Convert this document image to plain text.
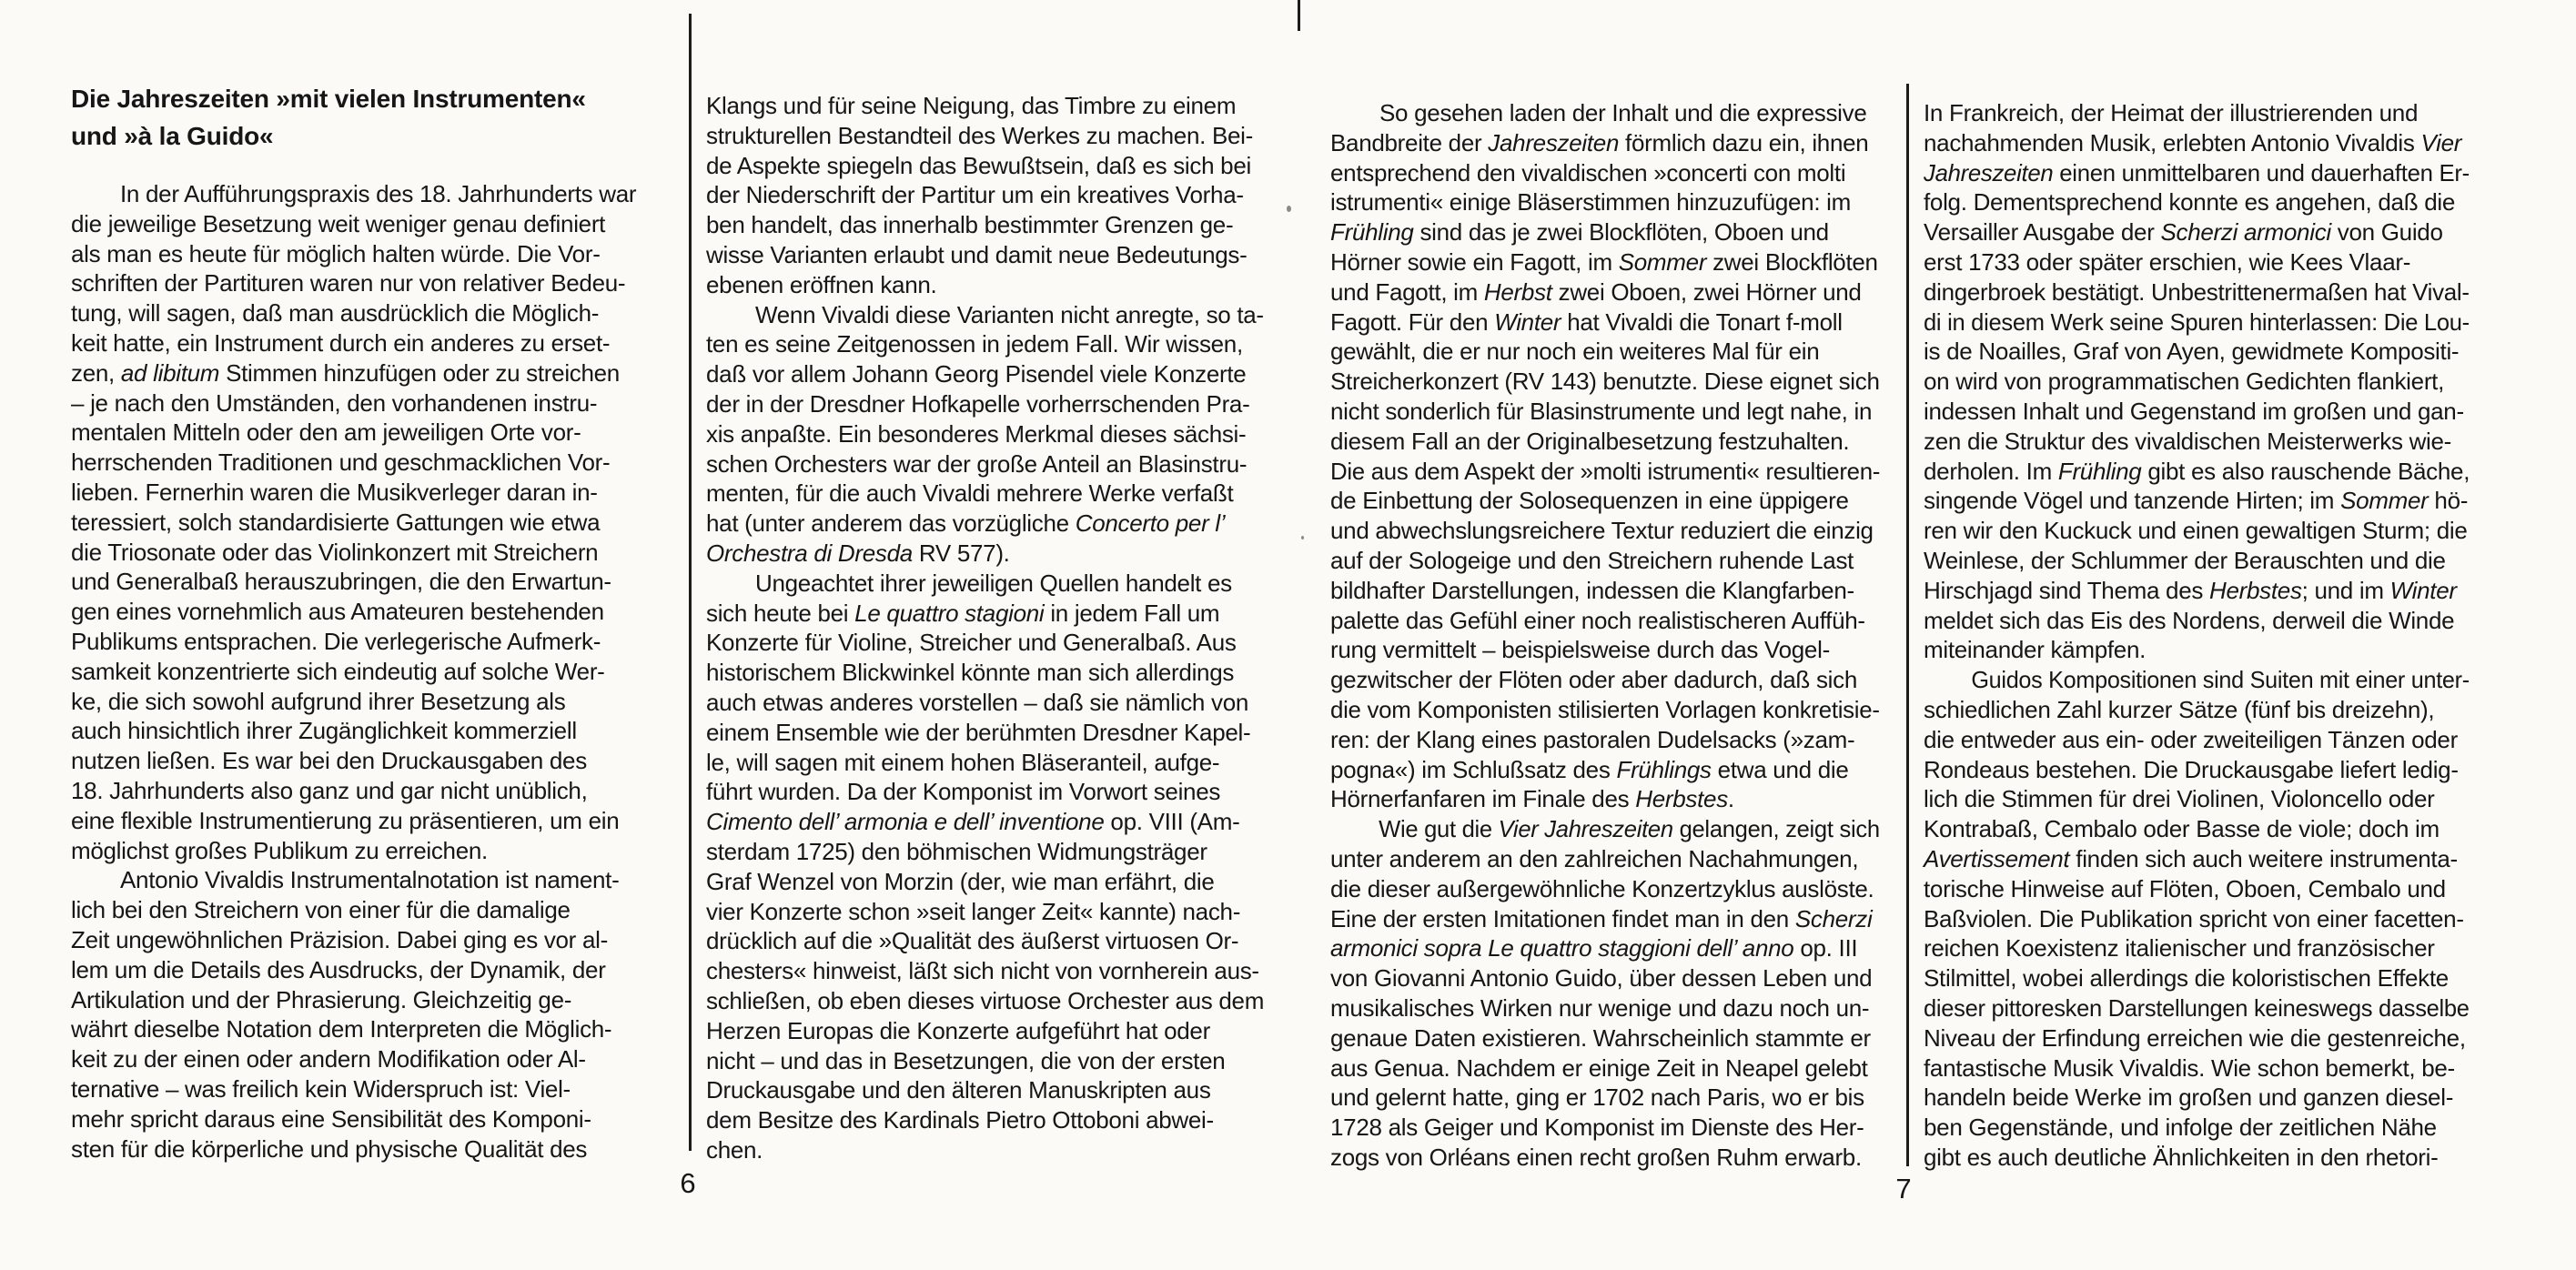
Die Jahreszeiten »mit vielen Instrumenten«
und »à la Guido«
In der Aufführungspraxis des 18. Jahrhunderts war
die jeweilige Besetzung weit weniger genau definiert
als man es heute für möglich halten würde. Die Vor-
schriften der Partituren waren nur von relativer Bedeu-
tung, will sagen, daß man ausdrücklich die Möglich-
keit hatte, ein Instrument durch ein anderes zu erset-
zen, ad libitum Stimmen hinzufügen oder zu streichen
– je nach den Umständen, den vorhandenen instru-
mentalen Mitteln oder den am jeweiligen Orte vor-
herrschenden Traditionen und geschmacklichen Vor-
lieben. Fernerhin waren die Musikverleger daran in-
teressiert, solch standardisierte Gattungen wie etwa
die Triosonate oder das Violinkonzert mit Streichern
und Generalbaß herauszubringen, die den Erwartun-
gen eines vornehmlich aus Amateuren bestehenden
Publikums entsprachen. Die verlegerische Aufmerk-
samkeit konzentrierte sich eindeutig auf solche Wer-
ke, die sich sowohl aufgrund ihrer Besetzung als
auch hinsichtlich ihrer Zugänglichkeit kommerziell
nutzen ließen. Es war bei den Druckausgaben des
18. Jahrhunderts also ganz und gar nicht unüblich,
eine flexible Instrumentierung zu präsentieren, um ein
möglichst großes Publikum zu erreichen.
Antonio Vivaldis Instrumentalnotation ist nament-
lich bei den Streichern von einer für die damalige
Zeit ungewöhnlichen Präzision. Dabei ging es vor al-
lem um die Details des Ausdrucks, der Dynamik, der
Artikulation und der Phrasierung. Gleichzeitig ge-
währt dieselbe Notation dem Interpreten die Möglich-
keit zu der einen oder andern Modifikation oder Al-
ternative – was freilich kein Widerspruch ist: Viel-
mehr spricht daraus eine Sensibilität des Komponi-
sten für die körperliche und physische Qualität des
Klangs und für seine Neigung, das Timbre zu einem
strukturellen Bestandteil des Werkes zu machen. Bei-
de Aspekte spiegeln das Bewußtsein, daß es sich bei
der Niederschrift der Partitur um ein kreatives Vorha-
ben handelt, das innerhalb bestimmter Grenzen ge-
wisse Varianten erlaubt und damit neue Bedeutungs-
ebenen eröffnen kann.
Wenn Vivaldi diese Varianten nicht anregte, so ta-
ten es seine Zeitgenossen in jedem Fall. Wir wissen,
daß vor allem Johann Georg Pisendel viele Konzerte
der in der Dresdner Hofkapelle vorherrschenden Pra-
xis anpaßte. Ein besonderes Merkmal dieses sächsi-
schen Orchesters war der große Anteil an Blasinstru-
menten, für die auch Vivaldi mehrere Werke verfaßt
hat (unter anderem das vorzügliche Concerto per l’
Orchestra di Dresda RV 577).
Ungeachtet ihrer jeweiligen Quellen handelt es
sich heute bei Le quattro stagioni in jedem Fall um
Konzerte für Violine, Streicher und Generalbaß. Aus
historischem Blickwinkel könnte man sich allerdings
auch etwas anderes vorstellen – daß sie nämlich von
einem Ensemble wie der berühmten Dresdner Kapel-
le, will sagen mit einem hohen Bläseranteil, aufge-
führt wurden. Da der Komponist im Vorwort seines
Cimento dell’ armonia e dell’ inventione op. VIII (Am-
sterdam 1725) den böhmischen Widmungsträger
Graf Wenzel von Morzin (der, wie man erfährt, die
vier Konzerte schon »seit langer Zeit« kannte) nach-
drücklich auf die »Qualität des äußerst virtuosen Or-
chesters« hinweist, läßt sich nicht von vornherein aus-
schließen, ob eben dieses virtuose Orchester aus dem
Herzen Europas die Konzerte aufgeführt hat oder
nicht – und das in Besetzungen, die von der ersten
Druckausgabe und den älteren Manuskripten aus
dem Besitze des Kardinals Pietro Ottoboni abwei-
chen.
So gesehen laden der Inhalt und die expressive
Bandbreite der Jahreszeiten förmlich dazu ein, ihnen
entsprechend den vivaldischen »concerti con molti
istrumenti« einige Bläserstimmen hinzuzufügen: im
Frühling sind das je zwei Blockflöten, Oboen und
Hörner sowie ein Fagott, im Sommer zwei Blockflöten
und Fagott, im Herbst zwei Oboen, zwei Hörner und
Fagott. Für den Winter hat Vivaldi die Tonart f-moll
gewählt, die er nur noch ein weiteres Mal für ein
Streicherkonzert (RV 143) benutzte. Diese eignet sich
nicht sonderlich für Blasinstrumente und legt nahe, in
diesem Fall an der Originalbesetzung festzuhalten.
Die aus dem Aspekt der »molti istrumenti« resultieren-
de Einbettung der Solosequenzen in eine üppigere
und abwechslungsreichere Textur reduziert die einzig
auf der Sologeige und den Streichern ruhende Last
bildhafter Darstellungen, indessen die Klangfarben-
palette das Gefühl einer noch realistischeren Auffüh-
rung vermittelt – beispielsweise durch das Vogel-
gezwitscher der Flöten oder aber dadurch, daß sich
die vom Komponisten stilisierten Vorlagen konkretisie-
ren: der Klang eines pastoralen Dudelsacks (»zam-
pogna«) im Schlußsatz des Frühlings etwa und die
Hörnerfanfaren im Finale des Herbstes.
Wie gut die Vier Jahreszeiten gelangen, zeigt sich
unter anderem an den zahlreichen Nachahmungen,
die dieser außergewöhnliche Konzertzyklus auslöste.
Eine der ersten Imitationen findet man in den Scherzi
armonici sopra Le quattro staggioni dell’ anno op. III
von Giovanni Antonio Guido, über dessen Leben und
musikalisches Wirken nur wenige und dazu noch un-
genaue Daten existieren. Wahrscheinlich stammte er
aus Genua. Nachdem er einige Zeit in Neapel gelebt
und gelernt hatte, ging er 1702 nach Paris, wo er bis
1728 als Geiger und Komponist im Dienste des Her-
zogs von Orléans einen recht großen Ruhm erwarb.
In Frankreich, der Heimat der illustrierenden und
nachahmenden Musik, erlebten Antonio Vivaldis Vier
Jahreszeiten einen unmittelbaren und dauerhaften Er-
folg. Dementsprechend konnte es angehen, daß die
Versailler Ausgabe der Scherzi armonici von Guido
erst 1733 oder später erschien, wie Kees Vlaar-
dingerbroek bestätigt. Unbestrittenermaßen hat Vival-
di in diesem Werk seine Spuren hinterlassen: Die Lou-
is de Noailles, Graf von Ayen, gewidmete Kompositi-
on wird von programmatischen Gedichten flankiert,
indessen Inhalt und Gegenstand im großen und gan-
zen die Struktur des vivaldischen Meisterwerks wie-
derholen. Im Frühling gibt es also rauschende Bäche,
singende Vögel und tanzende Hirten; im Sommer hö-
ren wir den Kuckuck und einen gewaltigen Sturm; die
Weinlese, der Schlummer der Berauschten und die
Hirschjagd sind Thema des Herbstes; und im Winter
meldet sich das Eis des Nordens, derweil die Winde
miteinander kämpfen.
Guidos Kompositionen sind Suiten mit einer unter-
schiedlichen Zahl kurzer Sätze (fünf bis dreizehn),
die entweder aus ein- oder zweiteiligen Tänzen oder
Rondeaus bestehen. Die Druckausgabe liefert ledig-
lich die Stimmen für drei Violinen, Violoncello oder
Kontrabaß, Cembalo oder Basse de viole; doch im
Avertissement finden sich auch weitere instrumenta-
torische Hinweise auf Flöten, Oboen, Cembalo und
Baßviolen. Die Publikation spricht von einer facetten-
reichen Koexistenz italienischer und französischer
Stilmittel, wobei allerdings die koloristischen Effekte
dieser pittoresken Darstellungen keineswegs dasselbe
Niveau der Erfindung erreichen wie die gestenreiche,
fantastische Musik Vivaldis. Wie schon bemerkt, be-
handeln beide Werke im großen und ganzen diesel-
ben Gegenstände, und infolge der zeitlichen Nähe
gibt es auch deutliche Ähnlichkeiten in den rhetori-
6	7
